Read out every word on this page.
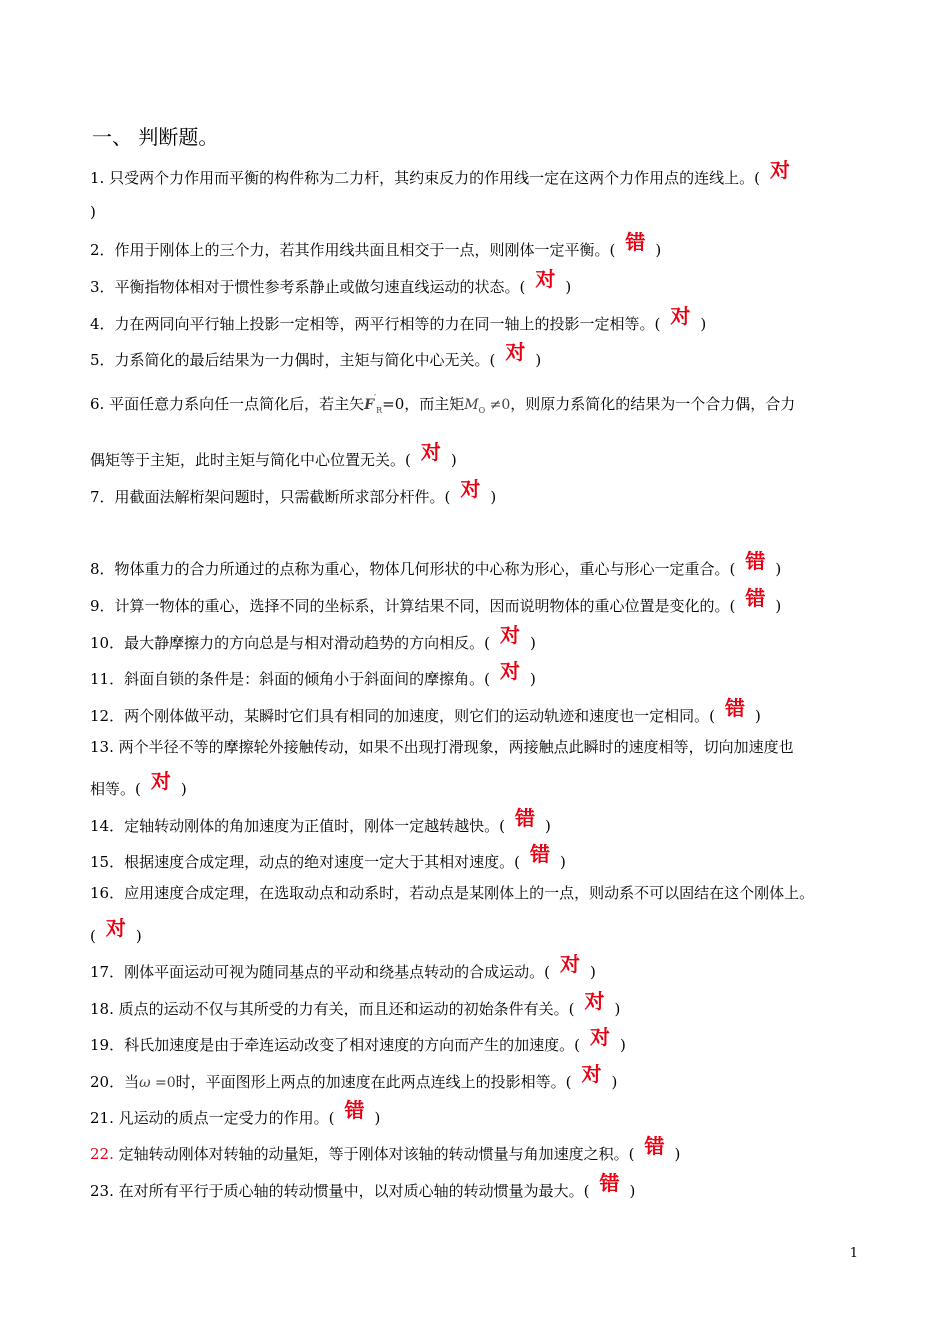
一、 判断题。
1. 只受两个力作用而平衡的构件称为二力杆，其约束反力的作用线一定在这两个力作用点的连线上。( 对
)
2．作用于刚体上的三个力，若其作用线共面且相交于一点，则刚体一定平衡。( 错 )
3．平衡指物体相对于惯性参考系静止或做匀速直线运动的状态。( 对 )
4．力在两同向平行轴上投影一定相等，两平行相等的力在同一轴上的投影一定相等。( 对 )
5．力系简化的最后结果为一力偶时，主矩与简化中心无关。( 对 )
6. 平面任意力系向任一点简化后，若主矢$F'_R=0$，而主矩$M_O \ne 0$，则原力系简化的结果为一个合力偶，合力
偶矩等于主矩，此时主矩与简化中心位置无关。( 对 )
7．用截面法解桁架问题时，只需截断所求部分杆件。( 对 )
8．物体重力的合力所通过的点称为重心，物体几何形状的中心称为形心，重心与形心一定重合。( 错 )
9．计算一物体的重心，选择不同的坐标系，计算结果不同，因而说明物体的重心位置是变化的。( 错 )
10．最大静摩擦力的方向总是与相对滑动趋势的方向相反。( 对 )
11．斜面自锁的条件是：斜面的倾角小于斜面间的摩擦角。( 对 )
12．两个刚体做平动，某瞬时它们具有相同的加速度，则它们的运动轨迹和速度也一定相同。( 错 )
13. 两个半径不等的摩擦轮外接触传动，如果不出现打滑现象，两接触点此瞬时的速度相等，切向加速度也
相等。( 对 )
14．定轴转动刚体的角加速度为正值时，刚体一定越转越快。( 错 )
15．根据速度合成定理，动点的绝对速度一定大于其相对速度。( 错 )
16．应用速度合成定理，在选取动点和动系时，若动点是某刚体上的一点，则动系不可以固结在这个刚体上。
( 对 )
17．刚体平面运动可视为随同基点的平动和绕基点转动的合成运动。( 对 )
18. 质点的运动不仅与其所受的力有关，而且还和运动的初始条件有关。( 对 )
19．科氏加速度是由于牵连运动改变了相对速度的方向而产生的加速度。( 对 )
20．当ω =0时，平面图形上两点的加速度在此两点连线上的投影相等。( 对 )
21. 凡运动的质点一定受力的作用。( 错 )
22. 定轴转动刚体对转轴的动量矩，等于刚体对该轴的转动惯量与角加速度之积。( 错 )
23. 在对所有平行于质心轴的转动惯量中，以对质心轴的转动惯量为最大。( 错 )
1
